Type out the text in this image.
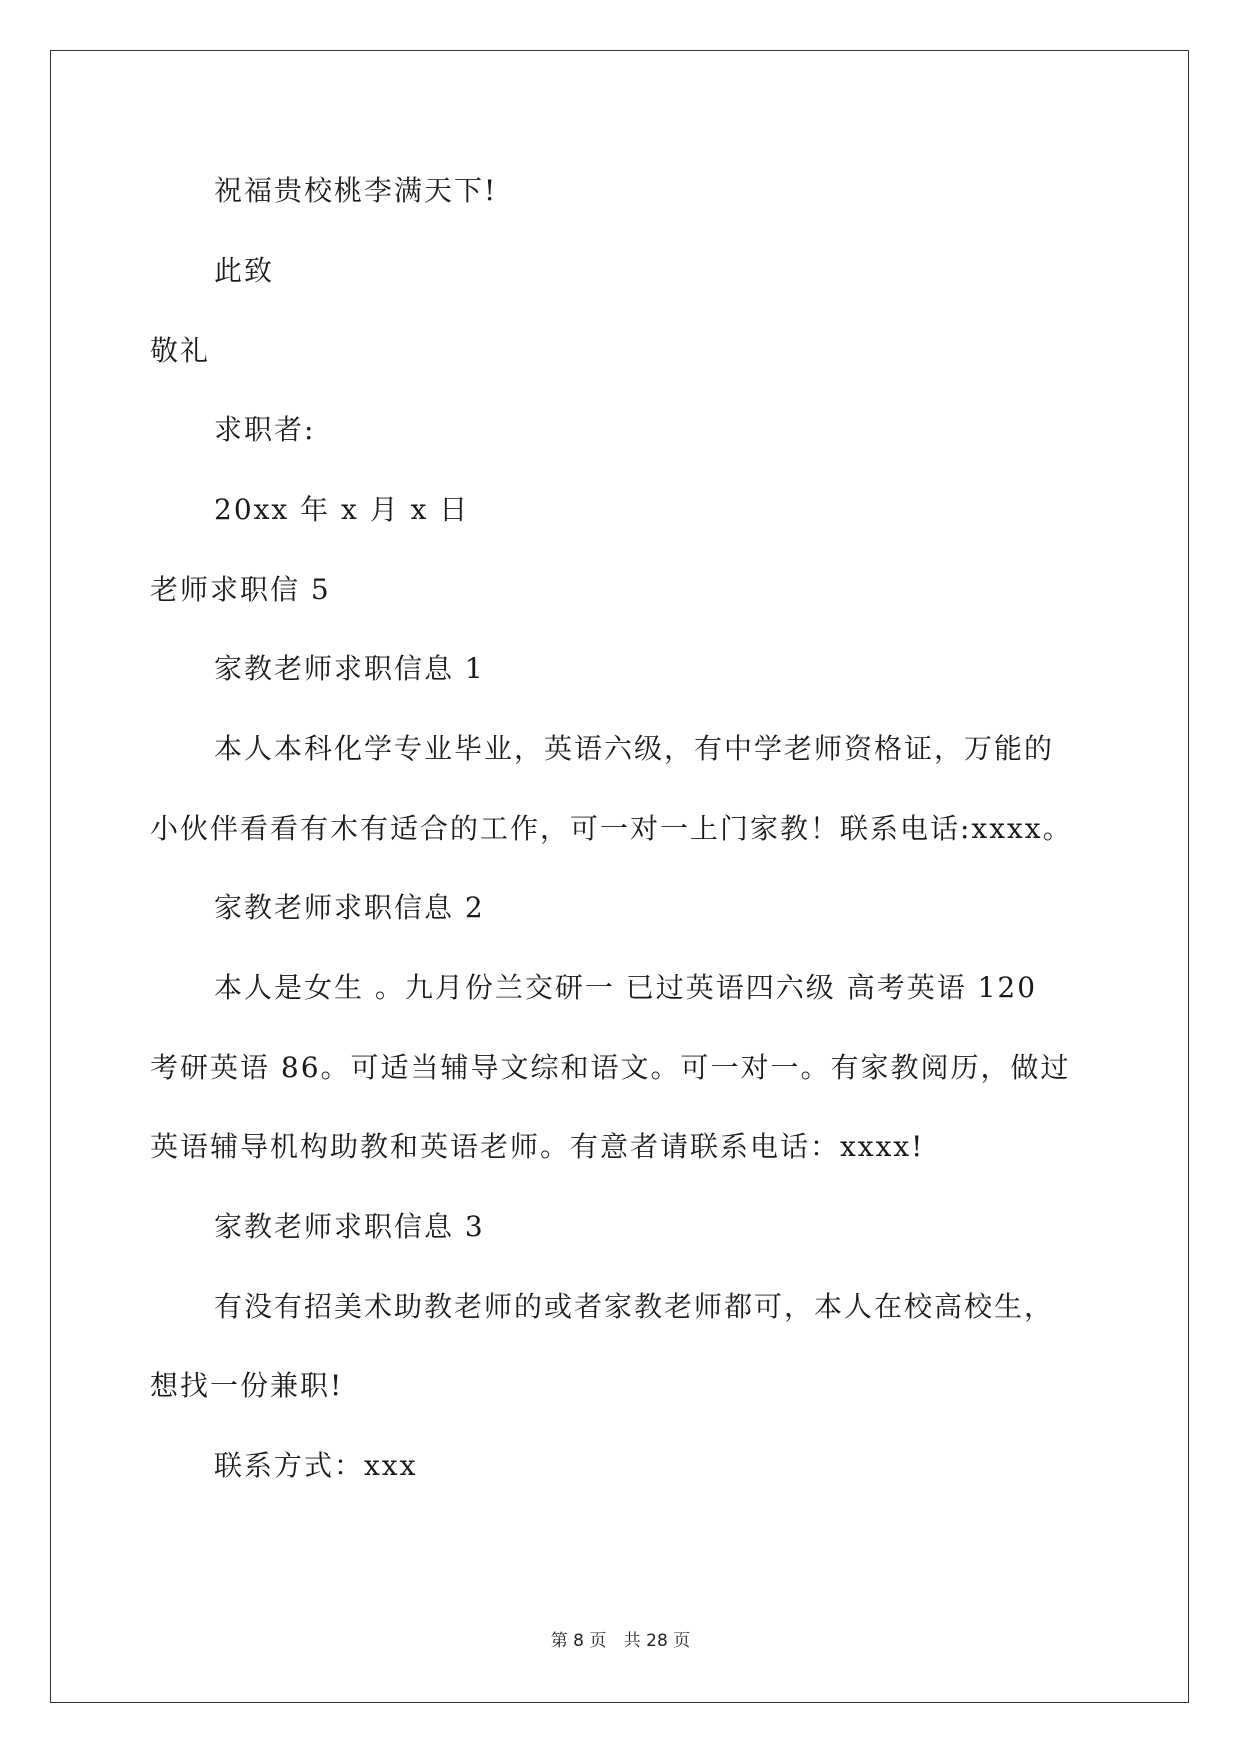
祝福贵校桃李满天下!
此致
敬礼
求职者:
20xx 年 x 月 x 日
老师求职信 5
家教老师求职信息 1
本人本科化学专业毕业，英语六级，有中学老师资格证，万能的
小伙伴看看有木有适合的工作，可一对一上门家教！联系电话:xxxx。
家教老师求职信息 2
本人是女生 。九月份兰交研一 已过英语四六级 高考英语 120
考研英语 86。可适当辅导文综和语文。可一对一。有家教阅历，做过
英语辅导机构助教和英语老师。有意者请联系电话：xxxx!
家教老师求职信息 3
有没有招美术助教老师的或者家教老师都可，本人在校高校生，
想找一份兼职!
联系方式：xxx
第 8 页 共 28 页
